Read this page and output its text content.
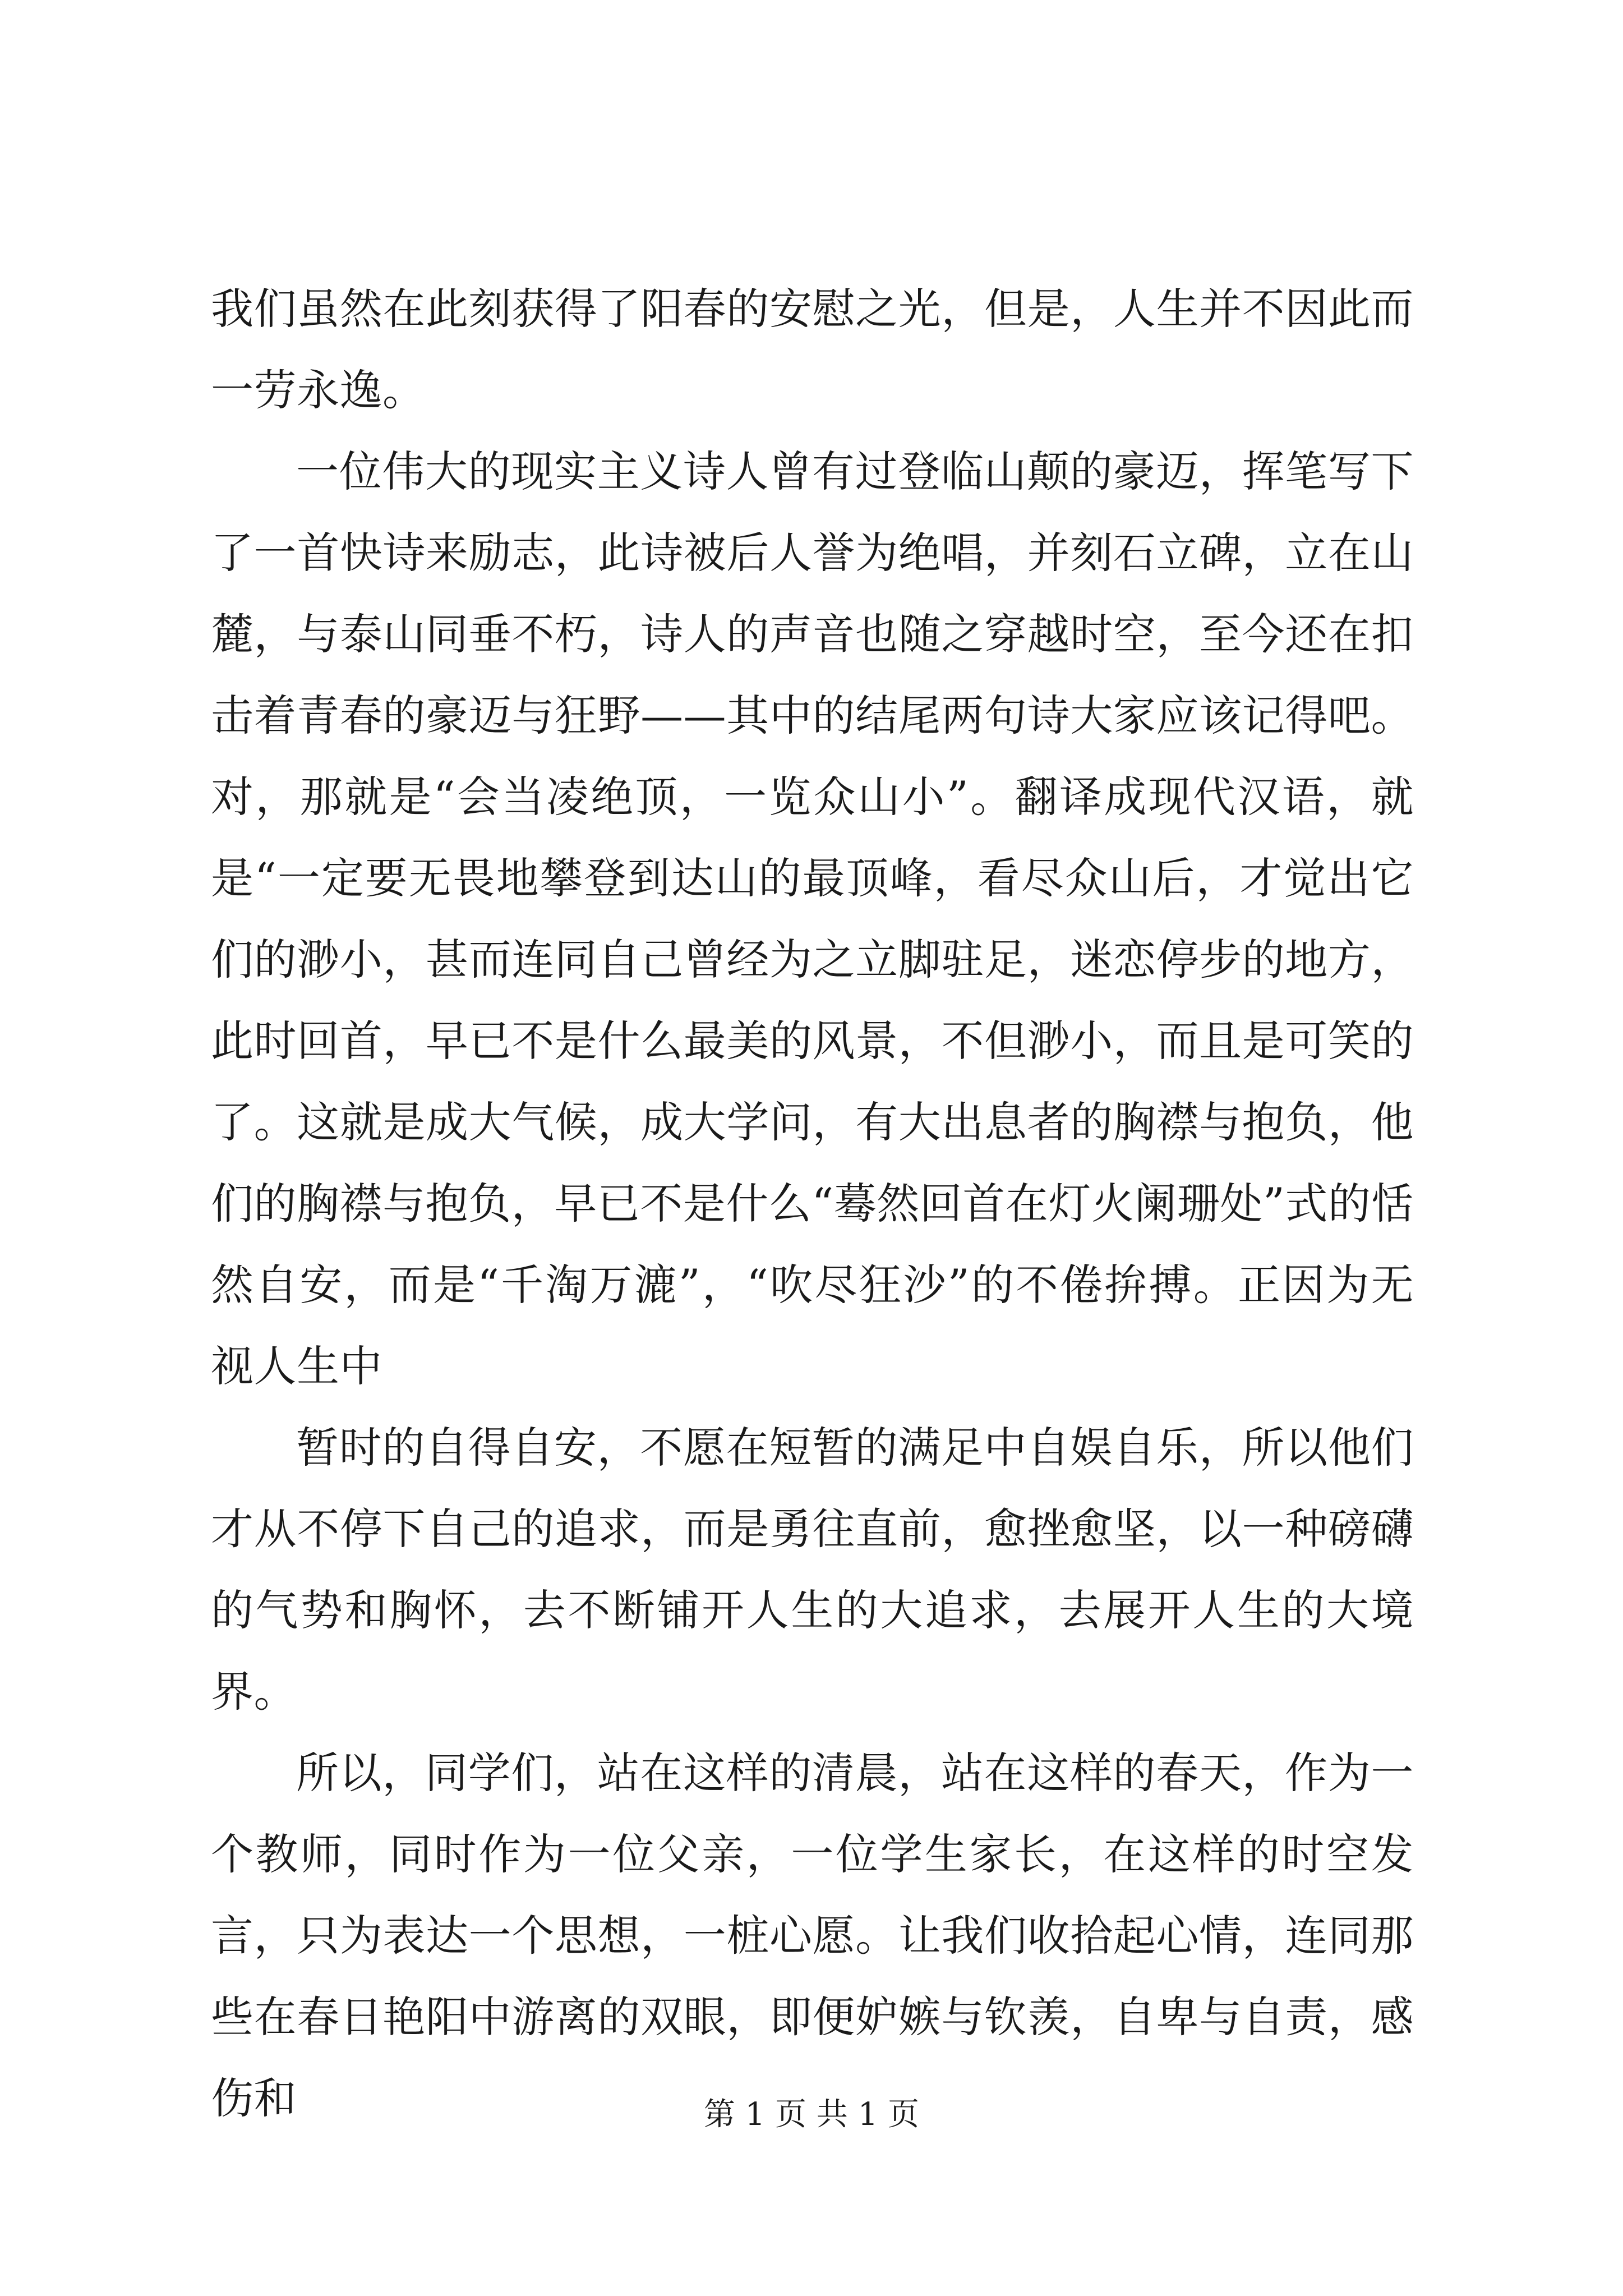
我们虽然在此刻获得了阳春的安慰之光，但是，人生并不因此而一劳永逸。

一位伟大的现实主义诗人曾有过登临山颠的豪迈，挥笔写下了一首快诗来励志，此诗被后人誉为绝唱，并刻石立碑，立在山麓，与泰山同垂不朽，诗人的声音也随之穿越时空，至今还在扣击着青春的豪迈与狂野——其中的结尾两句诗大家应该记得吧。对，那就是“会当凌绝顶，一览众山小”。翻译成现代汉语，就是“一定要无畏地攀登到达山的最顶峰，看尽众山后，才觉出它们的渺小，甚而连同自己曾经为之立脚驻足，迷恋停步的地方，此时回首，早已不是什么最美的风景，不但渺小，而且是可笑的了。这就是成大气候，成大学问，有大出息者的胸襟与抱负，他们的胸襟与抱负，早已不是什么“蓦然回首在灯火阑珊处”式的恬然自安，而是“千淘万漉”，“吹尽狂沙”的不倦拚搏。正因为无视人生中

暂时的自得自安，不愿在短暂的满足中自娱自乐，所以他们才从不停下自己的追求，而是勇往直前，愈挫愈坚，以一种磅礴的气势和胸怀，去不断铺开人生的大追求，去展开人生的大境界。

所以，同学们，站在这样的清晨，站在这样的春天，作为一个教师，同时作为一位父亲，一位学生家长，在这样的时空发言，只为表达一个思想，一桩心愿。让我们收拾起心情，连同那些在春日艳阳中游离的双眼，即便妒嫉与钦羡，自卑与自责，感伤和	第 1 页 共 1 页
